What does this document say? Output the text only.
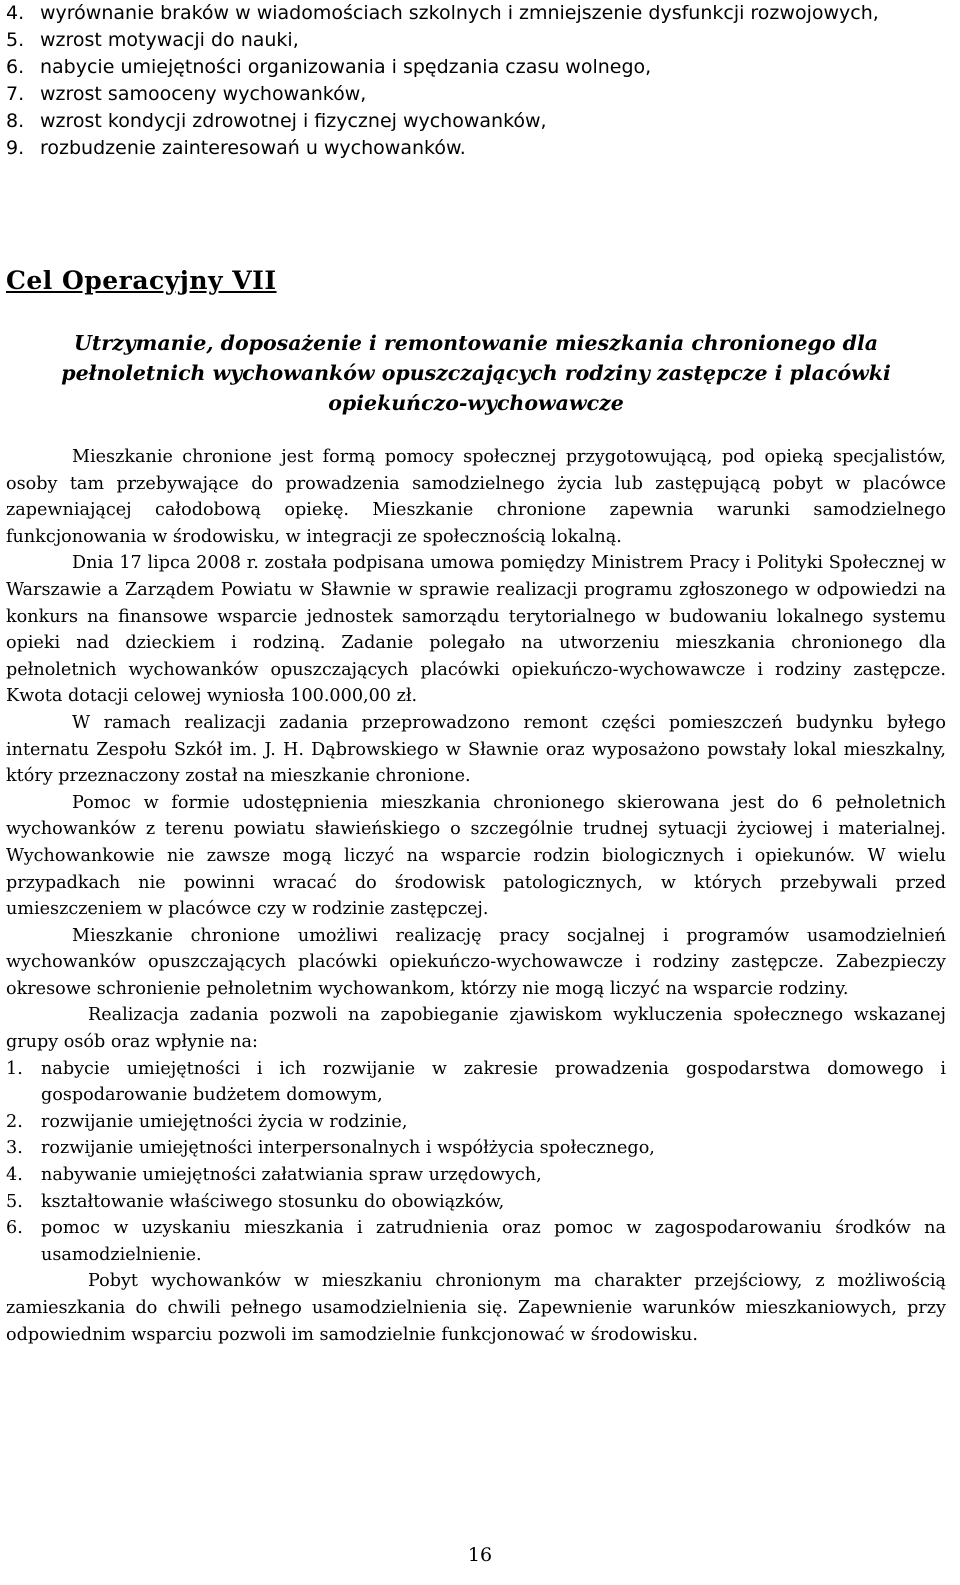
4. wyrównanie braków w wiadomościach szkolnych i zmniejszenie dysfunkcji rozwojowych,
5. wzrost motywacji do nauki,
6. nabycie umiejętności organizowania i spędzania czasu wolnego,
7. wzrost samooceny wychowanków,
8. wzrost kondycji zdrowotnej i fizycznej wychowanków,
9. rozbudzenie zainteresowań u wychowanków.
Cel Operacyjny VII
Utrzymanie, doposażenie i remontowanie mieszkania chronionego dla pełnoletnich wychowanków opuszczających rodziny zastępcze i placówki opiekuńczo-wychowawcze

Mieszkanie chronione jest formą pomocy społecznej przygotowującą, pod opieką specjalistów, osoby tam przebywające do prowadzenia samodzielnego życia lub zastępującą pobyt w placówce zapewniającej całodobową opiekę. Mieszkanie chronione zapewnia warunki samodzielnego funkcjonowania w środowisku, w integracji ze społecznością lokalną.

Dnia 17 lipca 2008 r. została podpisana umowa pomiędzy Ministrem Pracy i Polityki Społecznej w Warszawie a Zarządem Powiatu w Sławnie w sprawie realizacji programu zgłoszonego w odpowiedzi na konkurs na finansowe wsparcie jednostek samorządu terytorialnego w budowaniu lokalnego systemu opieki nad dzieckiem i rodziną. Zadanie polegało na utworzeniu mieszkania chronionego dla pełnoletnich wychowanków opuszczających placówki opiekuńczo-wychowawcze i rodziny zastępcze. Kwota dotacji celowej wyniosła 100.000,00 zł.

W ramach realizacji zadania przeprowadzono remont części pomieszczeń budynku byłego internatu Zespołu Szkół im. J. H. Dąbrowskiego w Sławnie oraz wyposażono powstały lokal mieszkalny, który przeznaczony został na mieszkanie chronione.

Pomoc w formie udostępnienia mieszkania chronionego skierowana jest do 6 pełnoletnich wychowanków z terenu powiatu sławieńskiego o szczególnie trudnej sytuacji życiowej i materialnej. Wychowankowie nie zawsze mogą liczyć na wsparcie rodzin biologicznych i opiekunów. W wielu przypadkach nie powinni wracać do środowisk patologicznych, w których przebywali przed umieszczeniem w placówce czy w rodzinie zastępczej.

Mieszkanie chronione umożliwi realizację pracy socjalnej i programów usamodzielnień wychowanków opuszczających placówki opiekuńczo-wychowawcze i rodziny zastępcze. Zabezpieczy okresowe schronienie pełnoletnim wychowankom, którzy nie mogą liczyć na wsparcie rodziny.

Realizacja zadania pozwoli na zapobieganie zjawiskom wykluczenia społecznego wskazanej grupy osób oraz wpłynie na:

1. nabycie umiejętności i ich rozwijanie w zakresie prowadzenia gospodarstwa domowego i gospodarowanie budżetem domowym,
2. rozwijanie umiejętności życia w rodzinie,
3. rozwijanie umiejętności interpersonalnych i współżycia społecznego,
4. nabywanie umiejętności załatwiania spraw urzędowych,
5. kształtowanie właściwego stosunku do obowiązków,
6. pomoc w uzyskaniu mieszkania i zatrudnienia oraz pomoc w zagospodarowaniu środków na usamodzielnienie.

Pobyt wychowanków w mieszkaniu chronionym ma charakter przejściowy, z możliwością zamieszkania do chwili pełnego usamodzielnienia się. Zapewnienie warunków mieszkaniowych, przy odpowiednim wsparciu pozwoli im samodzielnie funkcjonować w środowisku.

16
